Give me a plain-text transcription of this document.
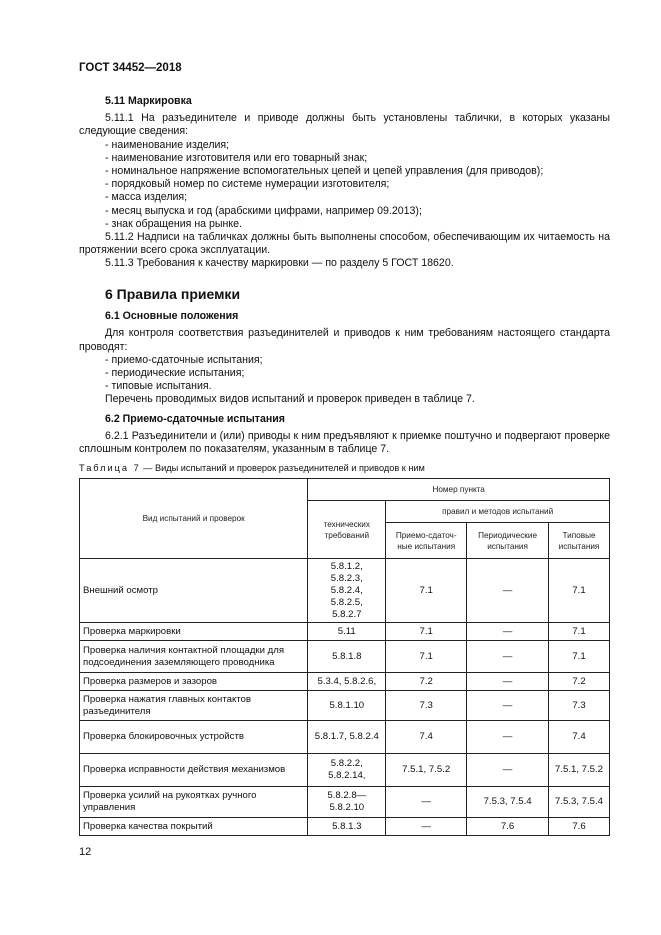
ГОСТ 34452—2018

5.11 Маркировка

5.11.1 На разъединителе и приводе должны быть установлены таблички, в которых указаны следующие сведения:

- наименование изделия;

- наименование изготовителя или его товарный знак;

- номинальное напряжение вспомогательных цепей и цепей управления (для приводов);

- порядковый номер по системе нумерации изготовителя;

- масса изделия;

- месяц выпуска и год (арабскими цифрами, например 09.2013);

- знак обращения на рынке.

5.11.2 Надписи на табличках должны быть выполнены способом, обеспечивающим их читаемость на протяжении всего срока эксплуатации.

5.11.3 Требования к качеству маркировки — по разделу 5 ГОСТ 18620.

6 Правила приемки

6.1 Основные положения

Для контроля соответствия разъединителей и приводов к ним требованиям настоящего стандарта проводят:

- приемо-сдаточные испытания;

- периодические испытания;

- типовые испытания.

Перечень проводимых видов испытаний и проверок приведен в таблице 7.

6.2 Приемо-сдаточные испытания

6.2.1 Разъединители и (или) приводы к ним предъявляют к приемке поштучно и подвергают проверке сплошным контролем по показателям, указанным в таблице 7.

Таблица 7 — Виды испытаний и проверок разъединителей и приводов к ним
Вид испытаний и проверок	Номер пункта			
	технических требований	правил и методов испытаний		
		Приемо-сдаточ-ные испытания	Периодические испытания	Типовые испытания
Внешний осмотр	5.8.1.2, 5.8.2.3, 5.8.2.4, 5.8.2.5, 5.8.2.7	7.1	—	7.1
Проверка маркировки	5.11	7.1	—	7.1
Проверка наличия контактной площадки для подсоединения заземляющего проводника	5.8.1.8	7.1	—	7.1
Проверка размеров и зазоров	5.3.4, 5.8.2.6,	7.2	—	7.2
Проверка нажатия главных контактов разъединителя	5.8.1.10	7.3	—	7.3
Проверка блокировочных устройств	5.8.1.7, 5.8.2.4	7.4	—	7.4
Проверка исправности действия механизмов	5.8.2.2, 5.8.2.14,	7.5.1, 7.5.2	—	7.5.1, 7.5.2
Проверка усилий на рукоятках ручного управления	5.8.2.8— 5.8.2.10	—	7.5.3, 7.5.4	7.5.3, 7.5.4
Проверка качества покрытий	5.8.1.3	—	7.6	7.6
12
